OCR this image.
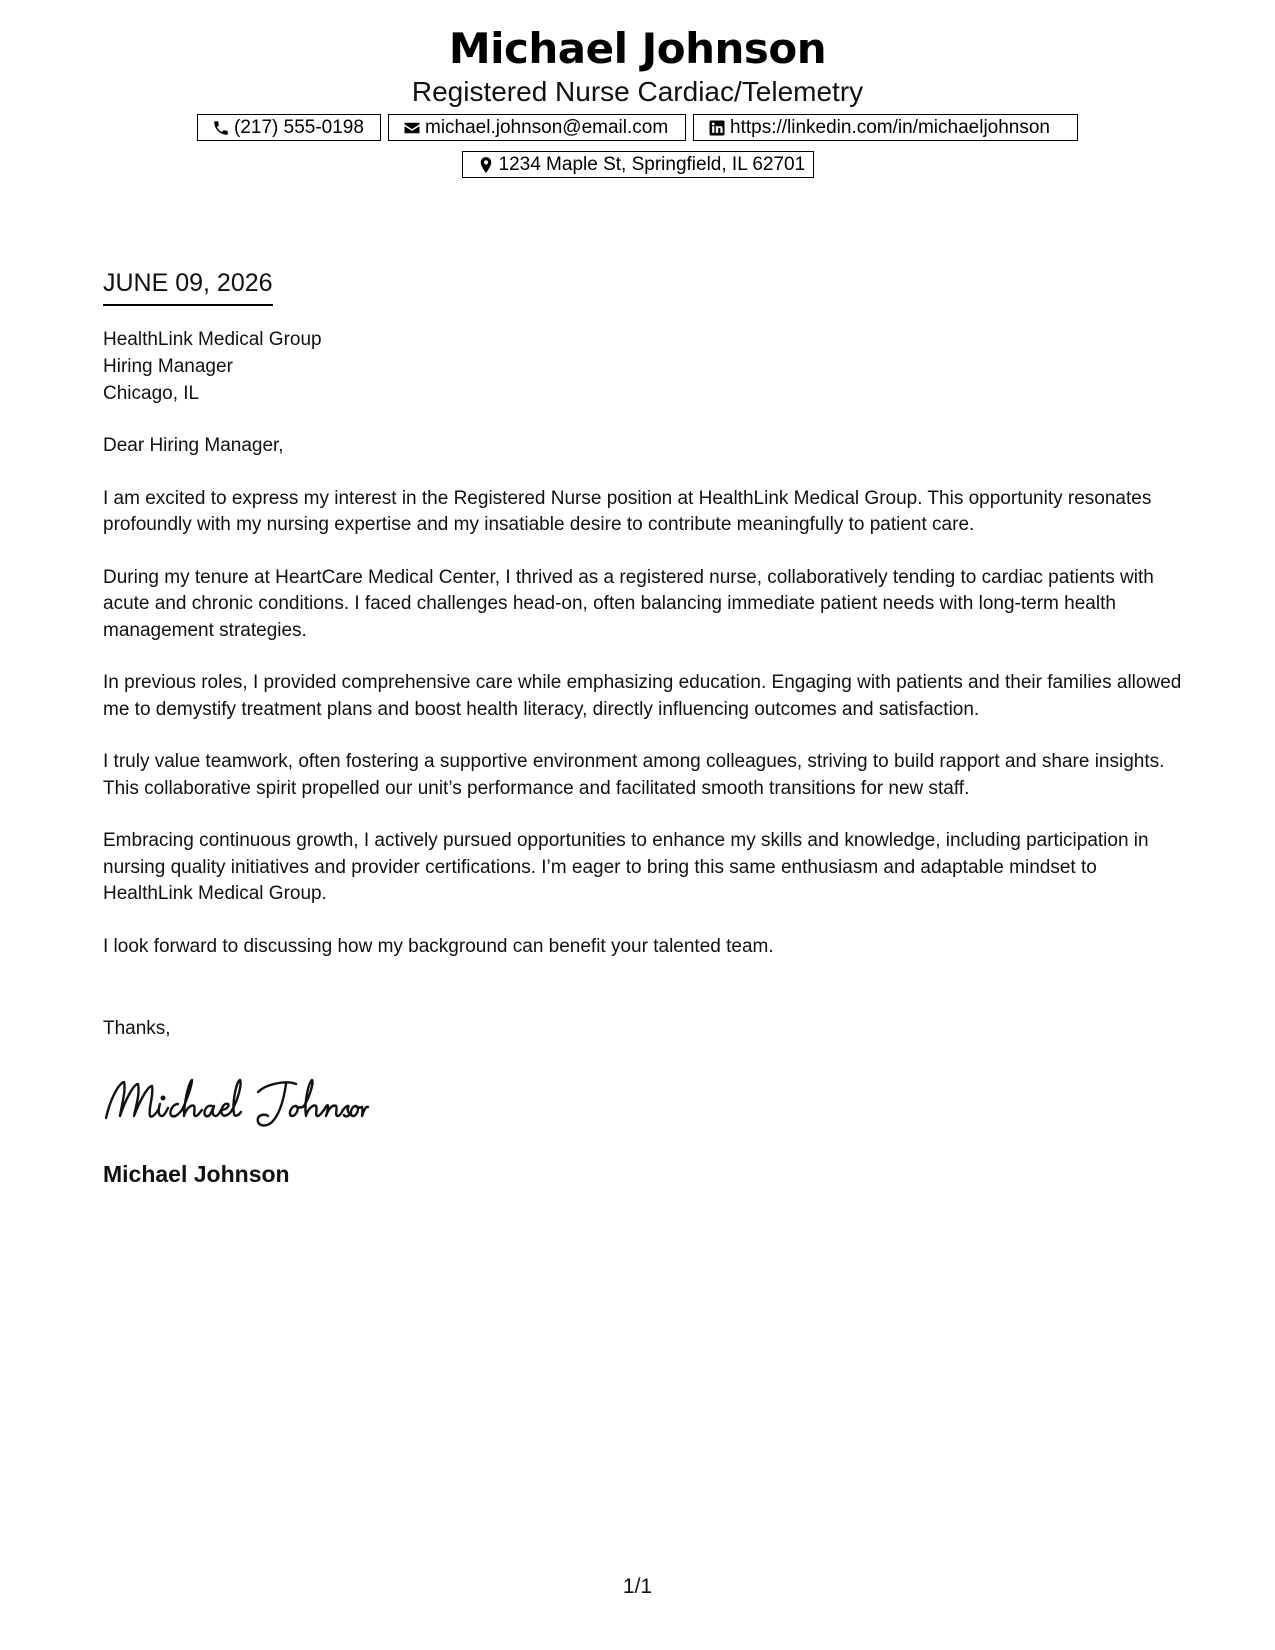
Michael Johnson
Registered Nurse Cardiac/Telemetry
(217) 555-0198	michael.johnson@email.com	https://linkedin.com/in/michaeljohnson
1234 Maple St, Springfield, IL 62701
JUNE 09, 2026
HealthLink Medical Group
Hiring Manager
Chicago, IL

Dear Hiring Manager,

I am excited to express my interest in the Registered Nurse position at HealthLink Medical Group. This opportunity resonates profoundly with my nursing expertise and my insatiable desire to contribute meaningfully to patient care.

During my tenure at HeartCare Medical Center, I thrived as a registered nurse, collaboratively tending to cardiac patients with acute and chronic conditions. I faced challenges head-on, often balancing immediate patient needs with long-term health management strategies.

In previous roles, I provided comprehensive care while emphasizing education. Engaging with patients and their families allowed me to demystify treatment plans and boost health literacy, directly influencing outcomes and satisfaction.

I truly value teamwork, often fostering a supportive environment among colleagues, striving to build rapport and share insights. This collaborative spirit propelled our unit’s performance and facilitated smooth transitions for new staff.

Embracing continuous growth, I actively pursued opportunities to enhance my skills and knowledge, including participation in nursing quality initiatives and provider certifications. I’m eager to bring this same enthusiasm and adaptable mindset to HealthLink Medical Group.

I look forward to discussing how my background can benefit your talented team.

Thanks,
Michael Johnson
1/1
